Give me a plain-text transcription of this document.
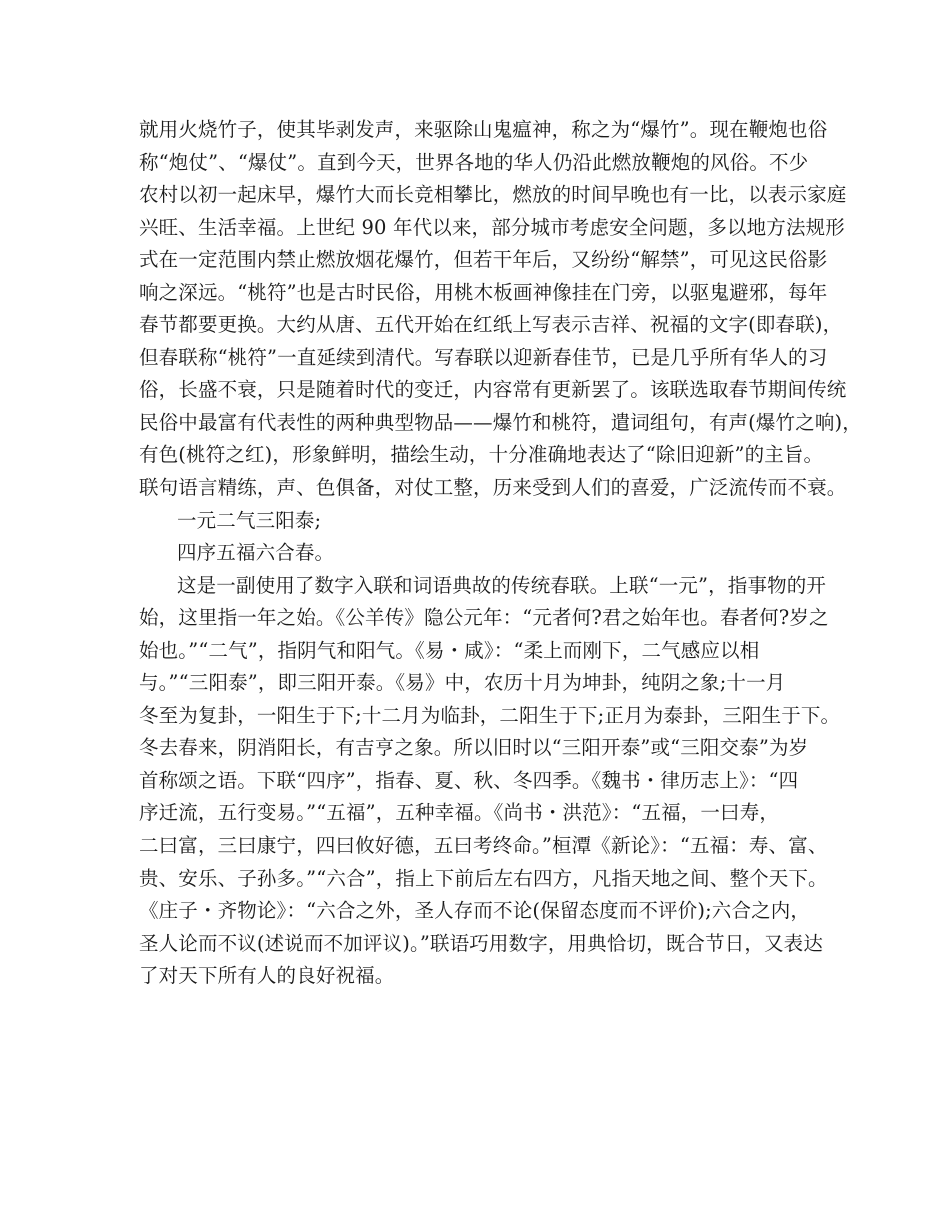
就用火烧竹子，使其毕剥发声，来驱除山鬼瘟神，称之为“爆竹”。现在鞭炮也俗
称“炮仗”、“爆仗”。直到今天，世界各地的华人仍沿此燃放鞭炮的风俗。不少
农村以初一起床早，爆竹大而长竞相攀比，燃放的时间早晚也有一比，以表示家庭
兴旺、生活幸福。上世纪 90 年代以来，部分城市考虑安全问题，多以地方法规形
式在一定范围内禁止燃放烟花爆竹，但若干年后，又纷纷“解禁”，可见这民俗影
响之深远。“桃符”也是古时民俗，用桃木板画神像挂在门旁，以驱鬼避邪，每年
春节都要更换。大约从唐、五代开始在红纸上写表示吉祥、祝福的文字(即春联)，
但春联称“桃符”一直延续到清代。写春联以迎新春佳节，已是几乎所有华人的习
俗，长盛不衰，只是随着时代的变迁，内容常有更新罢了。该联选取春节期间传统
民俗中最富有代表性的两种典型物品——爆竹和桃符，遣词组句，有声(爆竹之响)，
有色(桃符之红)，形象鲜明，描绘生动，十分准确地表达了“除旧迎新”的主旨。
联句语言精练，声、色俱备，对仗工整，历来受到人们的喜爱，广泛流传而不衰。
一元二气三阳泰;
四序五福六合春。
这是一副使用了数字入联和词语典故的传统春联。上联“一元”，指事物的开
始，这里指一年之始。《公羊传》隐公元年：“元者何?君之始年也。春者何?岁之
始也。”“二气”，指阴气和阳气。《易・咸》：“柔上而刚下，二气感应以相
与。”“三阳泰”，即三阳开泰。《易》中，农历十月为坤卦，纯阴之象;十一月
冬至为复卦，一阳生于下;十二月为临卦，二阳生于下;正月为泰卦，三阳生于下。
冬去春来，阴消阳长，有吉亨之象。所以旧时以“三阳开泰”或“三阳交泰”为岁
首称颂之语。下联“四序”，指春、夏、秋、冬四季。《魏书・律历志上》：“四
序迁流，五行变易。”“五福”，五种幸福。《尚书・洪范》：“五福，一曰寿，
二曰富，三曰康宁，四曰攸好德，五曰考终命。”桓潭《新论》：“五福：寿、富、
贵、安乐、子孙多。”“六合”，指上下前后左右四方，凡指天地之间、整个天下。
《庄子・齐物论》：“六合之外，圣人存而不论(保留态度而不评价);六合之内，
圣人论而不议(述说而不加评议)。”联语巧用数字，用典恰切，既合节日，又表达
了对天下所有人的良好祝福。
